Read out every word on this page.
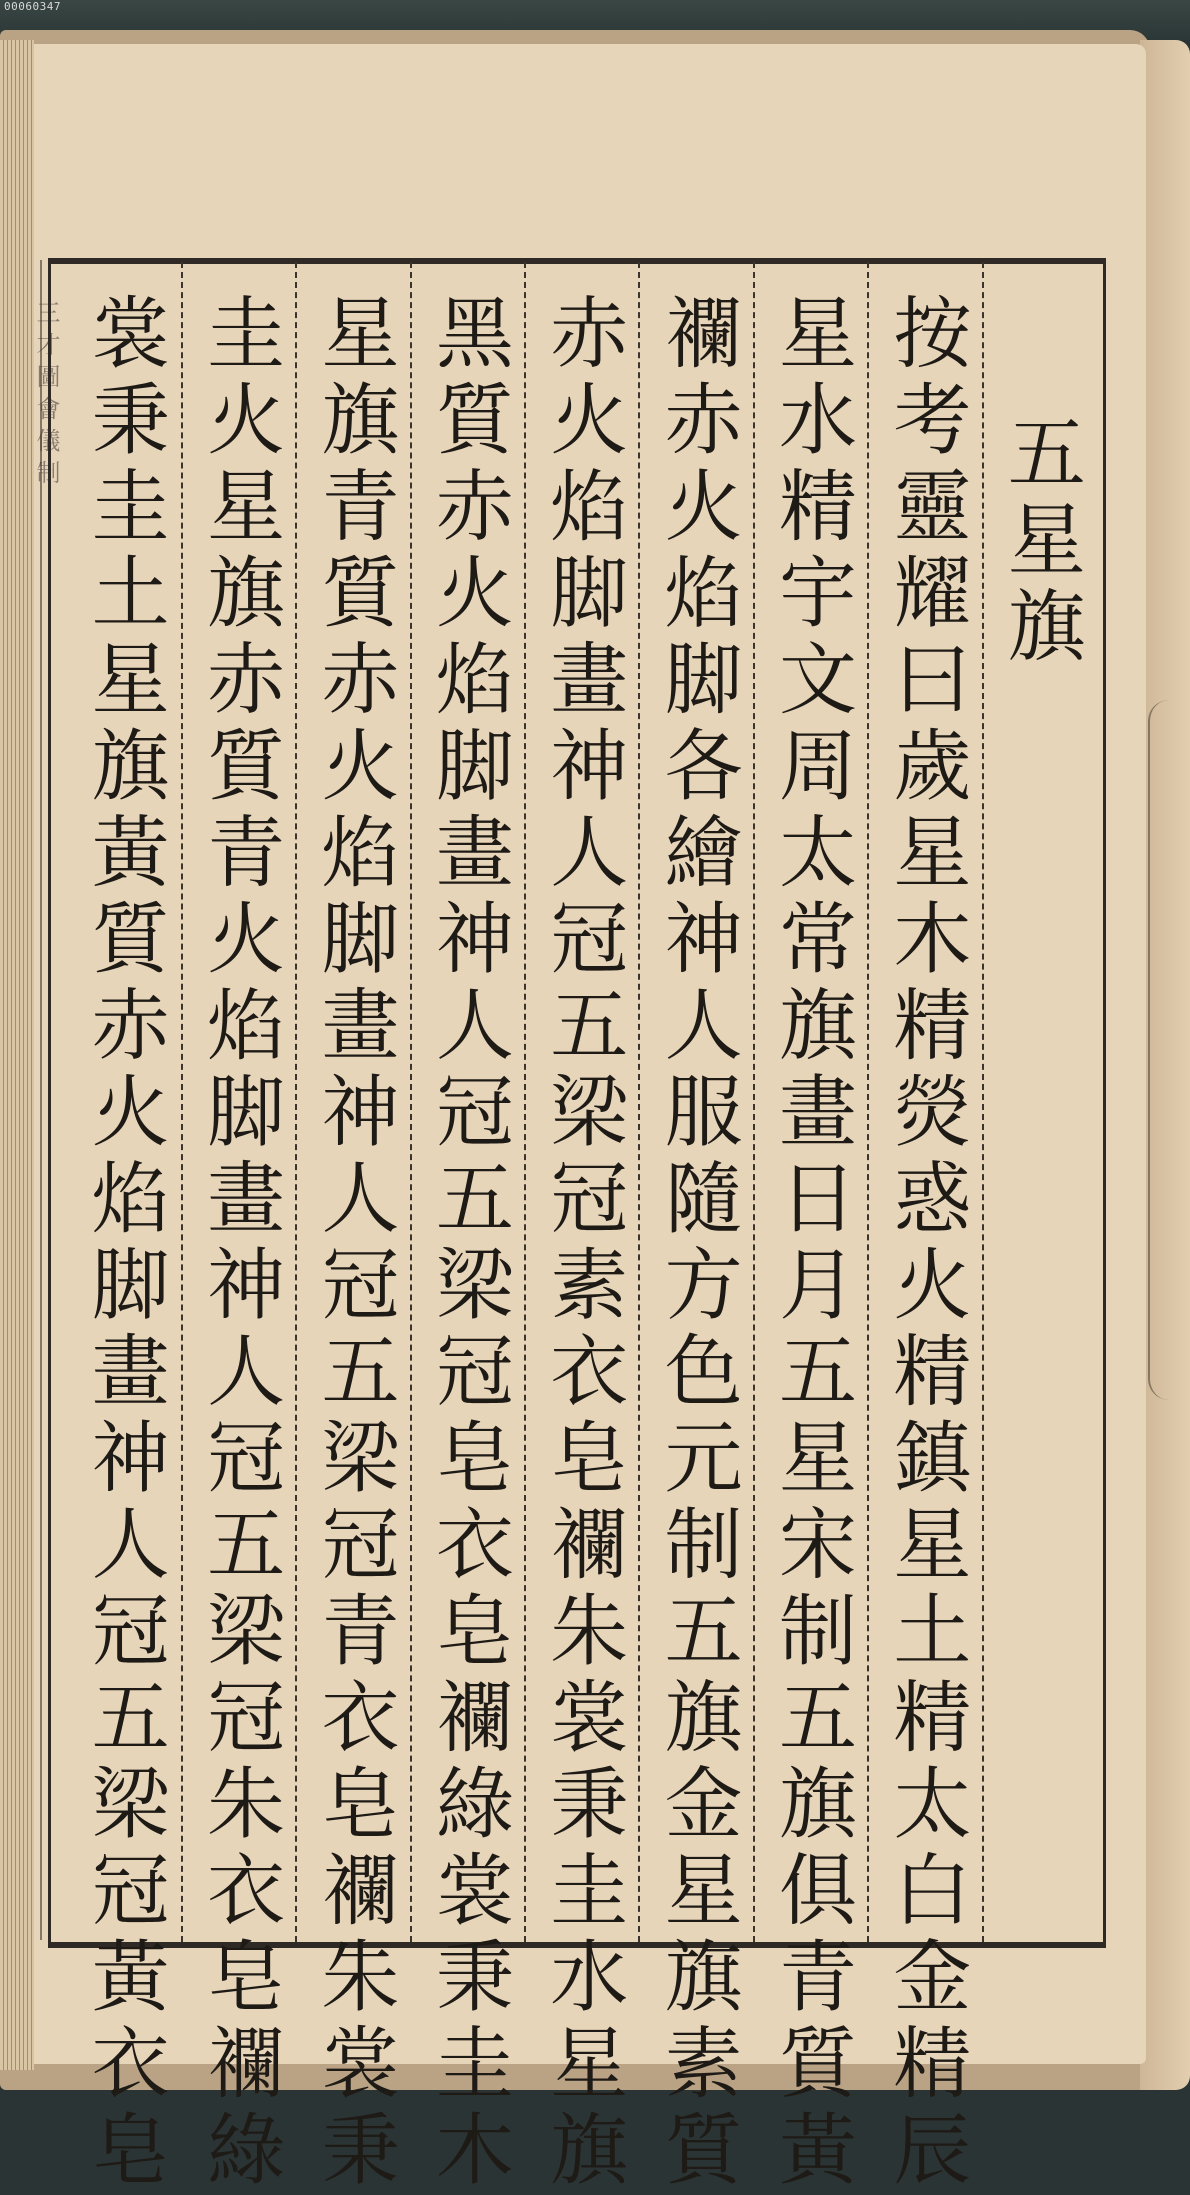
00060347
三才圖會儀制
五星旗
按考靈耀曰歲星木精熒惑火精鎮星土精太白金精辰
星水精宇文周太常旗畫日月五星宋制五旗俱青質黃
襴赤火焰脚各繪神人服隨方色元制五旗金星旗素質
赤火焰脚畫神人冠五梁冠素衣皂襴朱裳秉圭水星旗
黑質赤火焰脚畫神人冠五梁冠皂衣皂襴綠裳秉圭木
星旗青質赤火焰脚畫神人冠五梁冠青衣皂襴朱裳秉
圭火星旗赤質青火焰脚畫神人冠五梁冠朱衣皂襴綠
裳秉圭土星旗黃質赤火焰脚畫神人冠五梁冠黃衣皂
